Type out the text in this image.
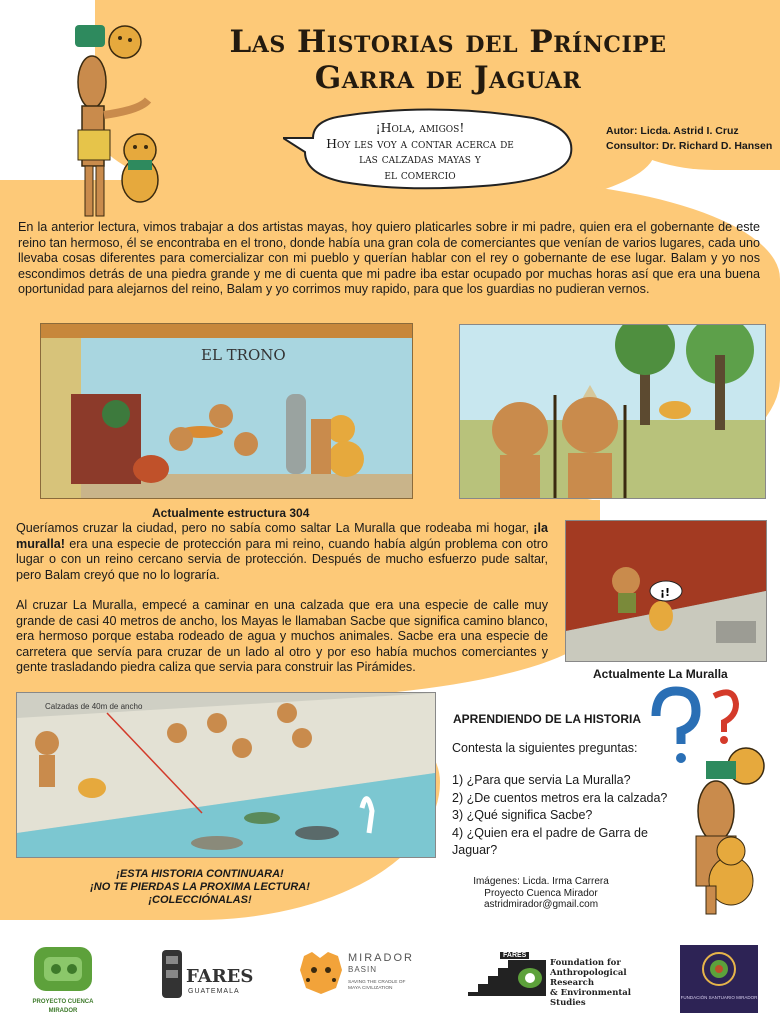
Las Historias del Príncipe
Garra de Jaguar
Autor: Licda. Astrid I. Cruz
Consultor: Dr. Richard D. Hansen
¡Hola, amigos!
Hoy les voy a contar acerca de
las calzadas mayas y
el comercio
En la anterior lectura, vimos trabajar a dos artistas mayas, hoy quiero platicarles sobre ir mi padre, quien era el gobernante de este reino tan hermoso, él se encontraba en el trono, donde había una gran cola de comerciantes que venían de varios lugares, cada uno llevaba cosas diferentes para comercializar con mi pueblo y querían hablar con el rey o gobernante de ese lugar. Balam y yo nos escondimos detrás de una piedra grande y me di cuenta que mi padre iba estar ocupado por muchas horas así que era una buena oportunidad para alejarnos del reino, Balam y yo corrimos muy rapido, para que los guardias no pudieran vernos.
EL TRONO
Actualmente estructura 304
Queríamos cruzar la ciudad, pero no sabía como saltar La Muralla que rodeaba mi hogar, ¡la muralla! era una especie de protección para mi reino, cuando había algún problema con otro lugar o con un reino cercano servia de protección. Después de mucho esfuerzo pude saltar, pero Balam creyó que no lo lograría.
Al cruzar La Muralla, empecé a caminar en una calzada que era una especie de calle muy grande de casi 40 metros de ancho, los Mayas le llamaban Sacbe que significa camino blanco, era hermoso porque estaba rodeado de agua y muchos animales. Sacbe era una especie de carretera que servía para cruzar de un lado al otro y por eso había muchos comerciantes y gente trasladando piedra caliza que servia para construir las Pirámides.
¡!
Actualmente La Muralla
Calzadas de 40m de ancho
APRENDIENDO DE LA HISTORIA
Contesta la siguientes preguntas:
1) ¿Para que servia La Muralla?
2) ¿De cuentos metros era la calzada?
3) ¿Qué significa Sacbe?
4) ¿Quien era el padre de Garra de Jaguar?
¡ESTA HISTORIA CONTINUARA!
¡NO TE PIERDAS LA PROXIMA LECTURA!
¡COLECCIÓNALAS!
Imágenes: Licda. Irma Carrera
Proyecto Cuenca Mirador
astridmirador@gmail.com
PROYECTO CUENCA MIRADOR
FARES
GUATEMALA
MIRADOR
BASIN
SAVING THE CRADLE OF MAYA CIVILIZATION
FARES
Foundation for
Anthropological Research
& Environmental Studies
FUNDACIÓN SANTUARIO MIRADOR
